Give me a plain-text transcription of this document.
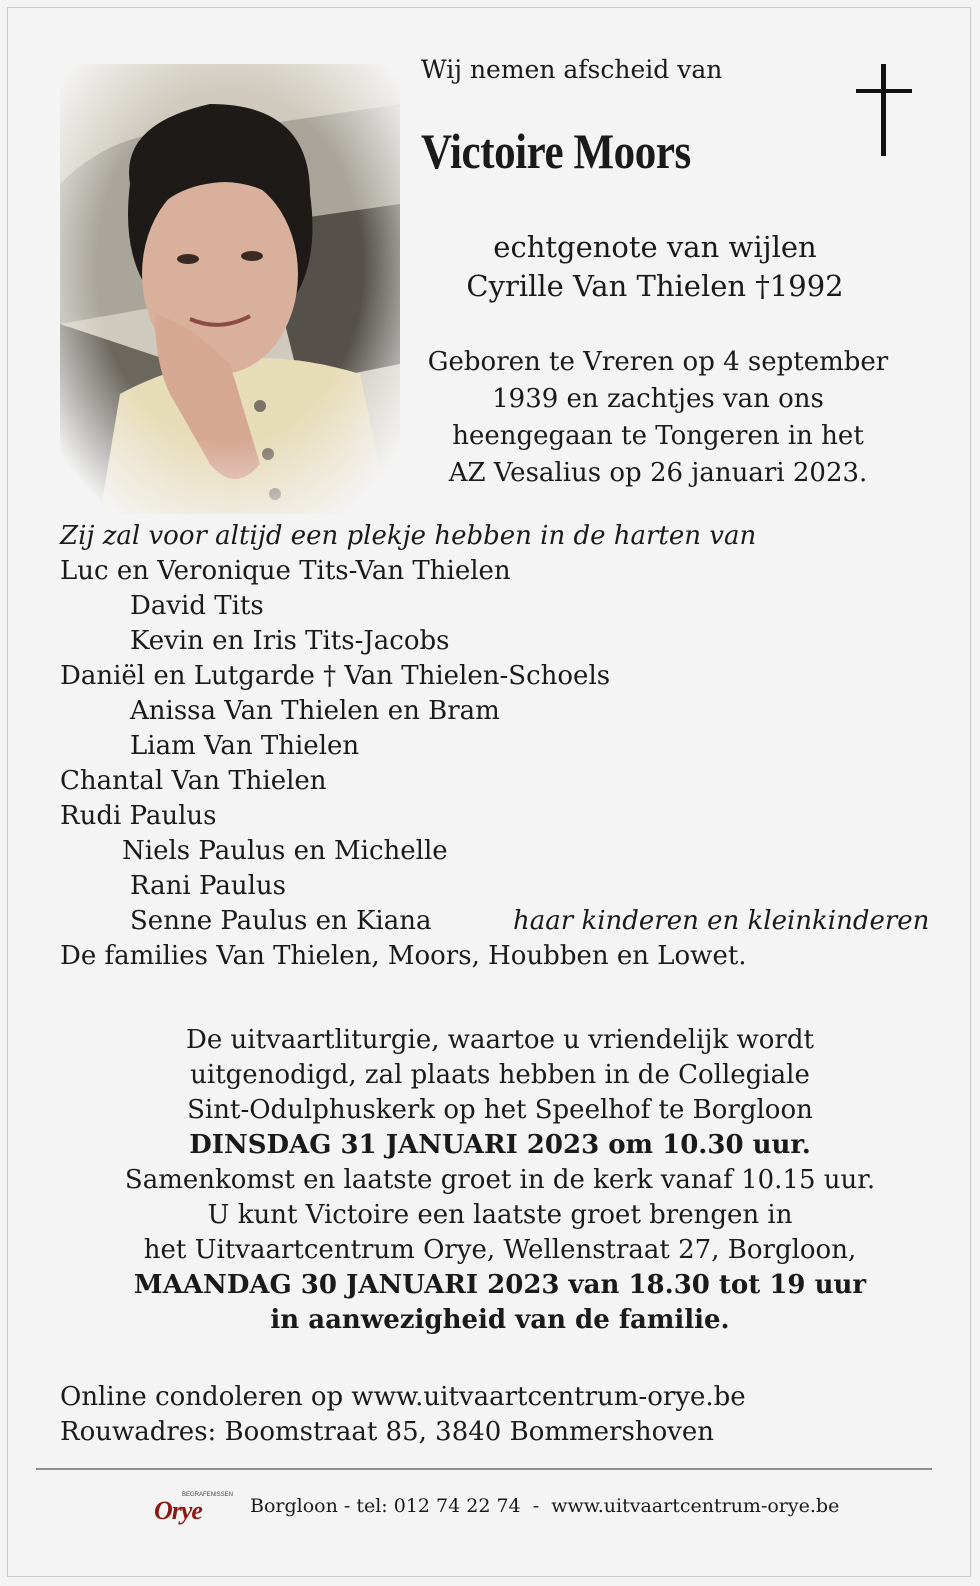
Wij nemen afscheid van
Victoire Moors
echtgenote van wijlen
Cyrille Van Thielen †1992
Geboren te Vreren op 4 september
1939 en zachtjes van ons
heengegaan te Tongeren in het
AZ Vesalius op 26 januari 2023.
Zij zal voor altijd een plekje hebben in de harten van
Luc en Veronique Tits-Van Thielen
David Tits
Kevin en Iris Tits-Jacobs
Daniël en Lutgarde † Van Thielen-Schoels
Anissa Van Thielen en Bram
Liam Van Thielen
Chantal Van Thielen
Rudi Paulus
Niels Paulus en Michelle
Rani Paulus
Senne Paulus en Kiana	haar kinderen en kleinkinderen
De families Van Thielen, Moors, Houbben en Lowet.
De uitvaartliturgie, waartoe u vriendelijk wordt
uitgenodigd, zal plaats hebben in de Collegiale
Sint-Odulphuskerk op het Speelhof te Borgloon
DINSDAG 31 JANUARI 2023 om 10.30 uur.
Samenkomst en laatste groet in de kerk vanaf 10.15 uur.
U kunt Victoire een laatste groet brengen in
het Uitvaartcentrum Orye, Wellenstraat 27, Borgloon,
MAANDAG 30 JANUARI 2023 van 18.30 tot 19 uur
in aanwezigheid van de familie.
Online condoleren op www.uitvaartcentrum-orye.be
Rouwadres: Boomstraat 85, 3840 Bommershoven
BEGRAFENISSEN
Orye	Borgloon - tel: 012 74 22 74  -  www.uitvaartcentrum-orye.be
